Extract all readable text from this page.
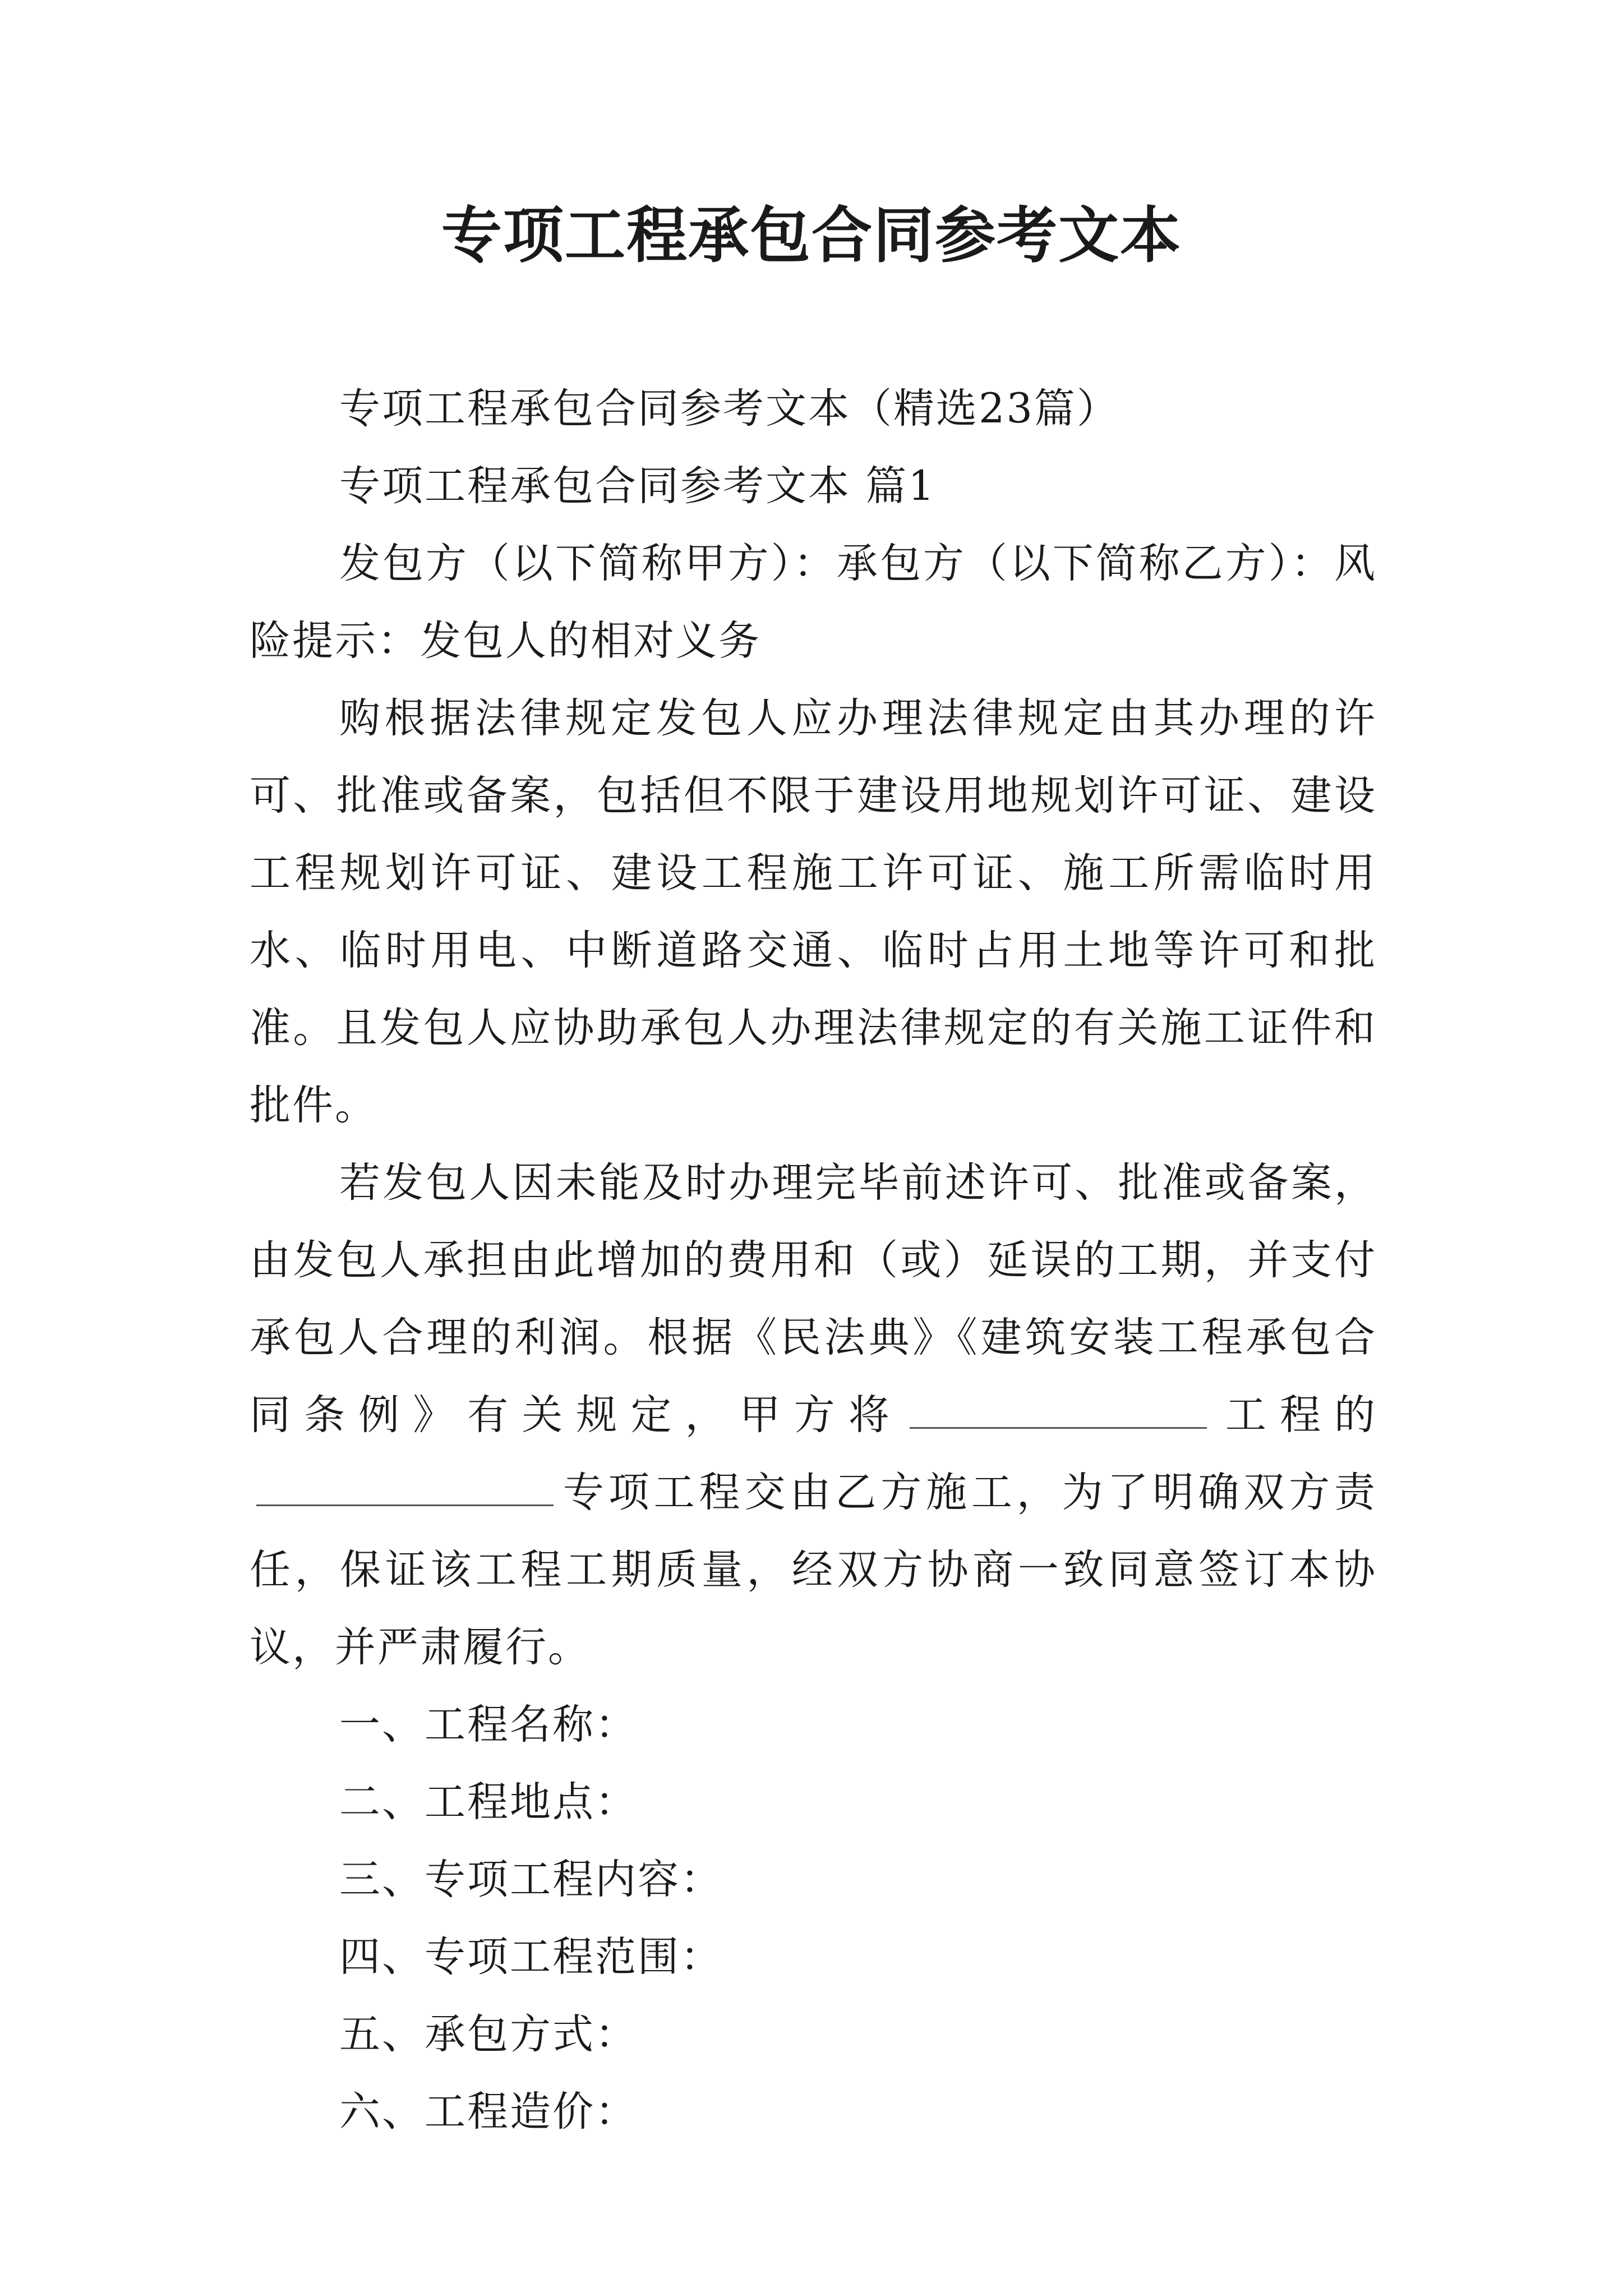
专项工程承包合同参考文本

专项工程承包合同参考文本（精选23篇）

专项工程承包合同参考文本 篇1

发包方（以下简称甲方）：承包方（以下简称乙方）：风险提示：发包人的相对义务

购根据法律规定发包人应办理法律规定由其办理的许可、批准或备案，包括但不限于建设用地规划许可证、建设工程规划许可证、建设工程施工许可证、施工所需临时用水、临时用电、中断道路交通、临时占用土地等许可和批准。且发包人应协助承包人办理法律规定的有关施工证件和批件。

若发包人因未能及时办理完毕前述许可、批准或备案，由发包人承担由此增加的费用和（或）延误的工期，并支付承包人合理的利润。根据《民法典》《建筑安装工程承包合同条例》有关规定，甲方将	工程的专项工程交由乙方施工，为了明确双方责任，保证该工程工期质量，经双方协商一致同意签订本协议，并严肃履行。

一、工程名称：

二、工程地点：

三、专项工程内容：

四、专项工程范围：

五、承包方式：

六、工程造价：
